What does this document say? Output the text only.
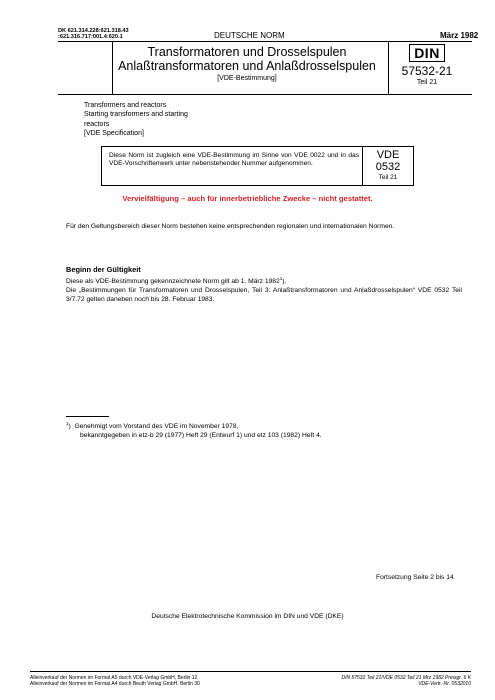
DK 621.314.228:621.318.43
:621.316.717:001.4:620.1	DEUTSCHE NORM	März 1982
Transformatoren und Drosselspulen
Anlaßtransformatoren und Anlaßdrosselspulen
[VDE-Bestimmung]
DIN
57532-21
Teil 21
Transformers and reactors
Starting transformers and starting
reactors
[VDE Specification]
Diese Norm ist zugleich eine VDE-Bestimmung im Sinne von VDE 0022 und in das VDE-Vorschriftenwerk unter nebenstehender Nummer aufgenommen.
VDE
0532
Teil 21
Vervielfältigung – auch für innerbetriebliche Zwecke – nicht gestattet.
Für den Geltungsbereich dieser Norm bestehen keine entsprechenden regionalen und internationalen Normen.
Beginn der Gültigkeit
Diese als VDE-Bestimmung gekennzeichnete Norm gilt ab 1. März 1982$^1$).
Die „Bestimmungen für Transformatoren und Drosselspulen, Teil 3: Anlaßtransformatoren und Anlaßdrosselspulen“ VDE 0532 Teil 3/7.72 gelten daneben noch bis 28. Februar 1983.
$^1$) Genehmigt vom Vorstand des VDE im November 1978,
bekanntgegeben in etz-b 29 (1977) Heft 29 (Entwurf 1) und etz 103 (1982) Heft 4.
Fortsetzung Seite 2 bis 14
Deutsche Elektrotechnische Kommission im DIN und VDE (DKE)
Alleinverkauf der Normen im Format A5 durch VDE-Verlag GmbH, Berlin 12
Alleinverkauf der Normen im Format A4 durch Beuth Verlag GmbH, Berlin 30
DIN 57532 Teil 21/VDE 0532 Teil 21 Mrz 1982 Preisgr. 6 K
VDE-Vertr.-Nr. 0532010
